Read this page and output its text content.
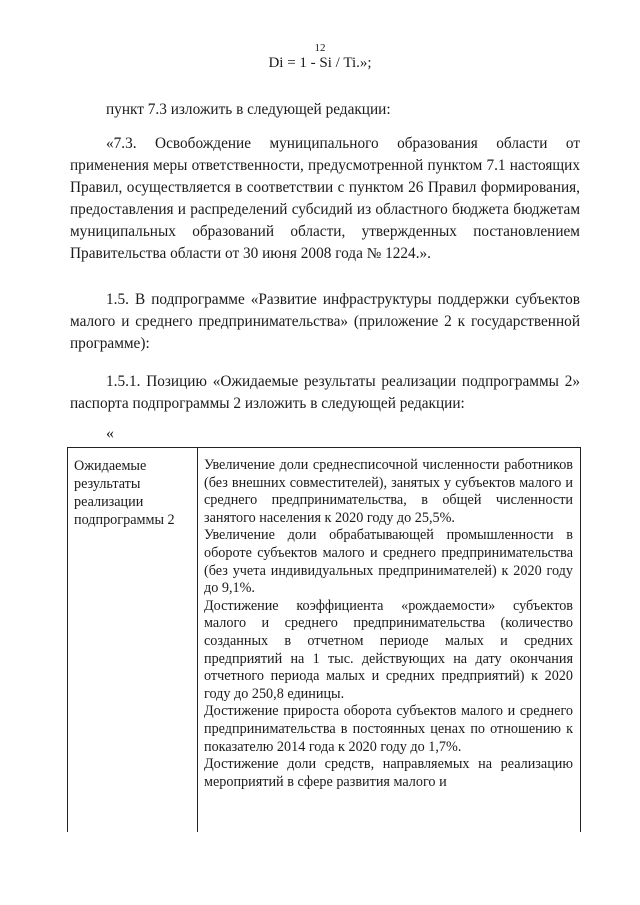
12
Di = 1 - Si / Ti.»;

пункт 7.3 изложить в следующей редакции:

«7.3. Освобождение муниципального образования области от применения меры ответственности, предусмотренной пунктом 7.1 настоящих Правил, осуществляется в соответствии с пунктом 26 Правил формирования, предоставления и распределений субсидий из областного бюджета бюджетам муниципальных образований области, утвержденных постановлением Правительства области от 30 июня 2008 года № 1224.».

1.5. В подпрограмме «Развитие инфраструктуры поддержки субъектов малого и среднего предпринимательства» (приложение 2 к государственной программе):

1.5.1. Позицию «Ожидаемые результаты реализации подпрограммы 2» паспорта подпрограммы 2 изложить в следующей редакции:

«
Ожидаемые результаты реализации подпрограммы 2

Увеличение доли среднесписочной численности работников (без внешних совместителей), занятых у субъектов малого и среднего предпринимательства, в общей численности занятого населения к 2020 году до 25,5%.

Увеличение доли обрабатывающей промышленности в обороте субъектов малого и среднего предпринимательства (без учета индивидуальных предпринимателей) к 2020 году до 9,1%.

Достижение коэффициента «рождаемости» субъектов малого и среднего предпринимательства (количество созданных в отчетном периоде малых и средних предприятий на 1 тыс. действующих на дату окончания отчетного периода малых и средних предприятий) к 2020 году до 250,8 единицы.

Достижение прироста оборота субъектов малого и среднего предпринимательства в постоянных ценах по отношению к показателю 2014 года к 2020 году до 1,7%.

Достижение доли средств, направляемых на реализацию мероприятий в сфере развития малого и
